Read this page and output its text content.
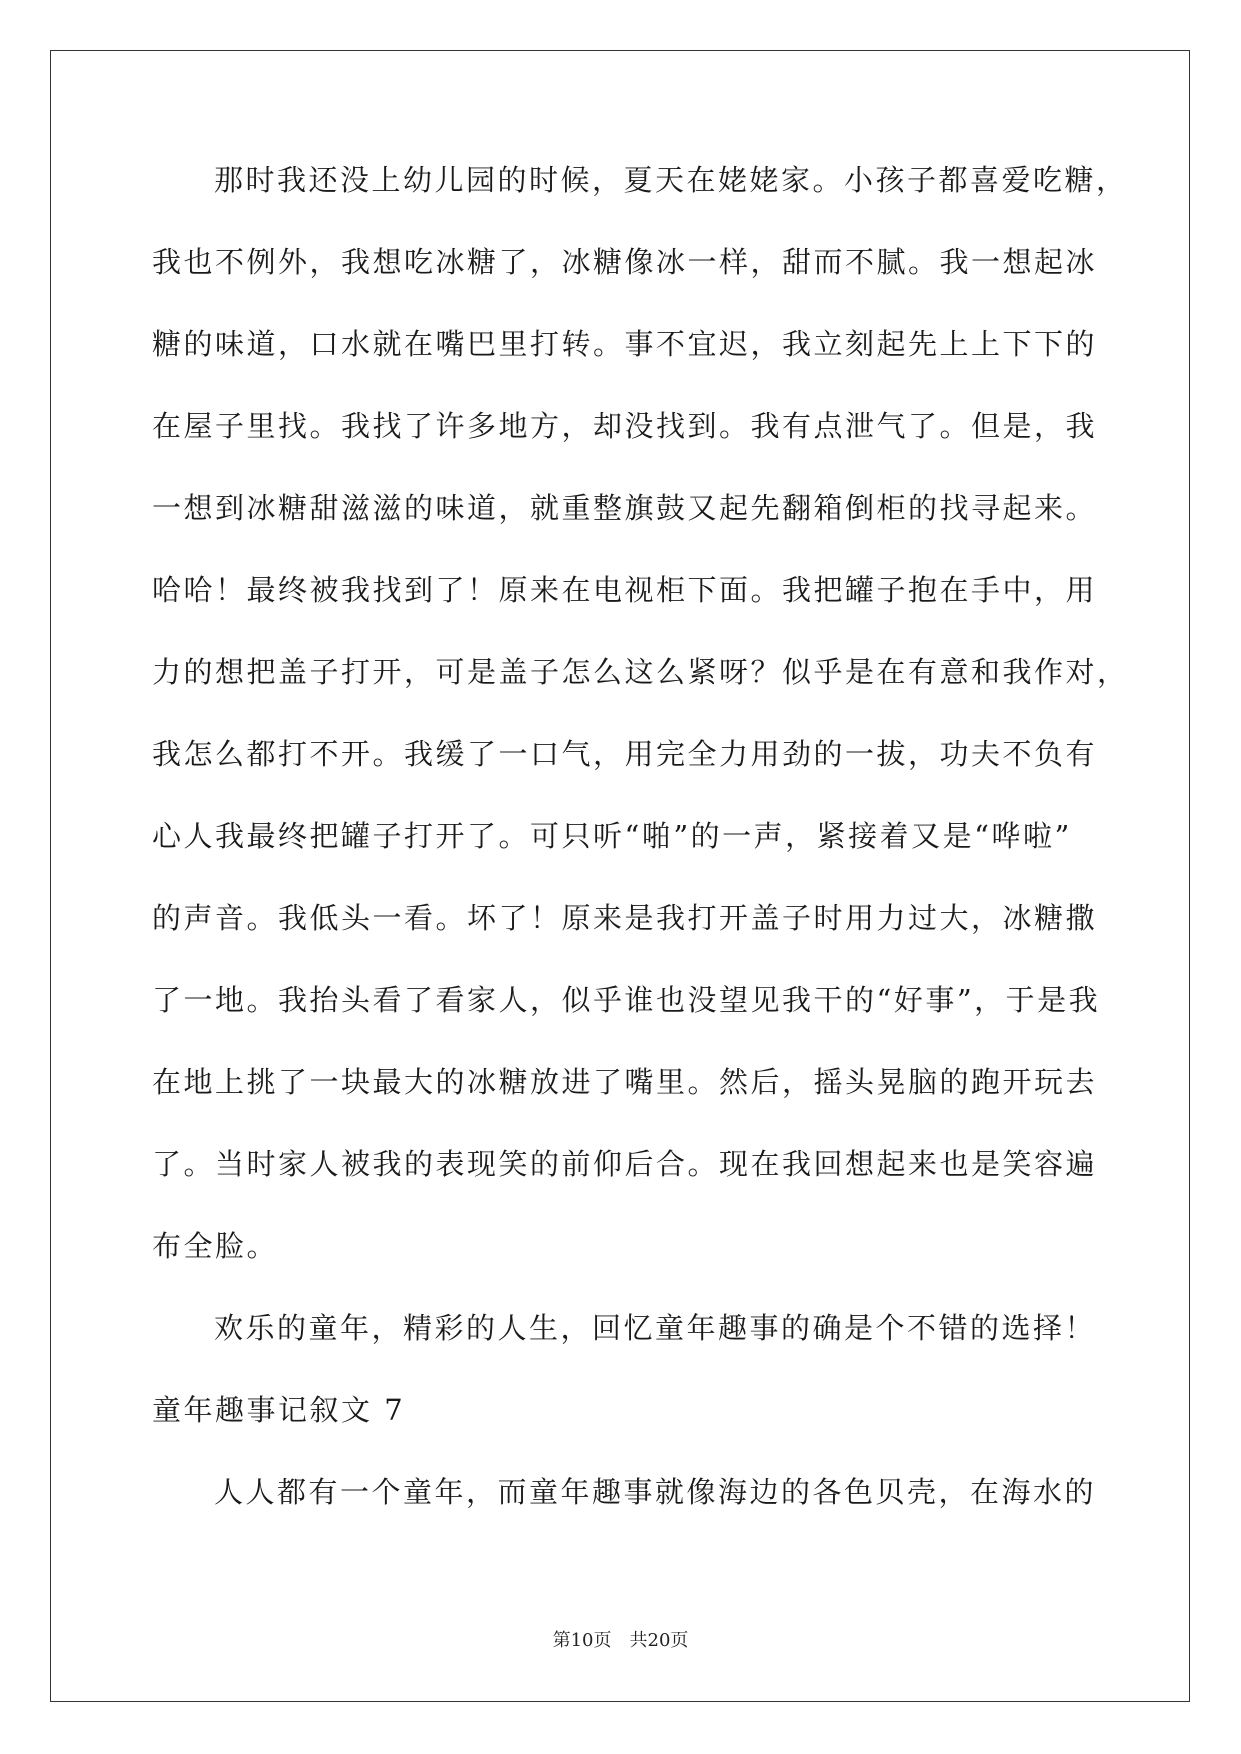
那时我还没上幼儿园的时候，夏天在姥姥家。小孩子都喜爱吃糖，
我也不例外，我想吃冰糖了，冰糖像冰一样，甜而不腻。我一想起冰
糖的味道，口水就在嘴巴里打转。事不宜迟，我立刻起先上上下下的
在屋子里找。我找了许多地方，却没找到。我有点泄气了。但是，我
一想到冰糖甜滋滋的味道，就重整旗鼓又起先翻箱倒柜的找寻起来。
哈哈！最终被我找到了！原来在电视柜下面。我把罐子抱在手中，用
力的想把盖子打开，可是盖子怎么这么紧呀？似乎是在有意和我作对，
我怎么都打不开。我缓了一口气，用完全力用劲的一拔，功夫不负有
心人我最终把罐子打开了。可只听“啪”的一声，紧接着又是“哗啦”
的声音。我低头一看。坏了！原来是我打开盖子时用力过大，冰糖撒
了一地。我抬头看了看家人，似乎谁也没望见我干的“好事”，于是我
在地上挑了一块最大的冰糖放进了嘴里。然后，摇头晃脑的跑开玩去
了。当时家人被我的表现笑的前仰后合。现在我回想起来也是笑容遍
布全脸。
欢乐的童年，精彩的人生，回忆童年趣事的确是个不错的选择！
童年趣事记叙文 7
人人都有一个童年，而童年趣事就像海边的各色贝壳，在海水的
第10页　共20页
